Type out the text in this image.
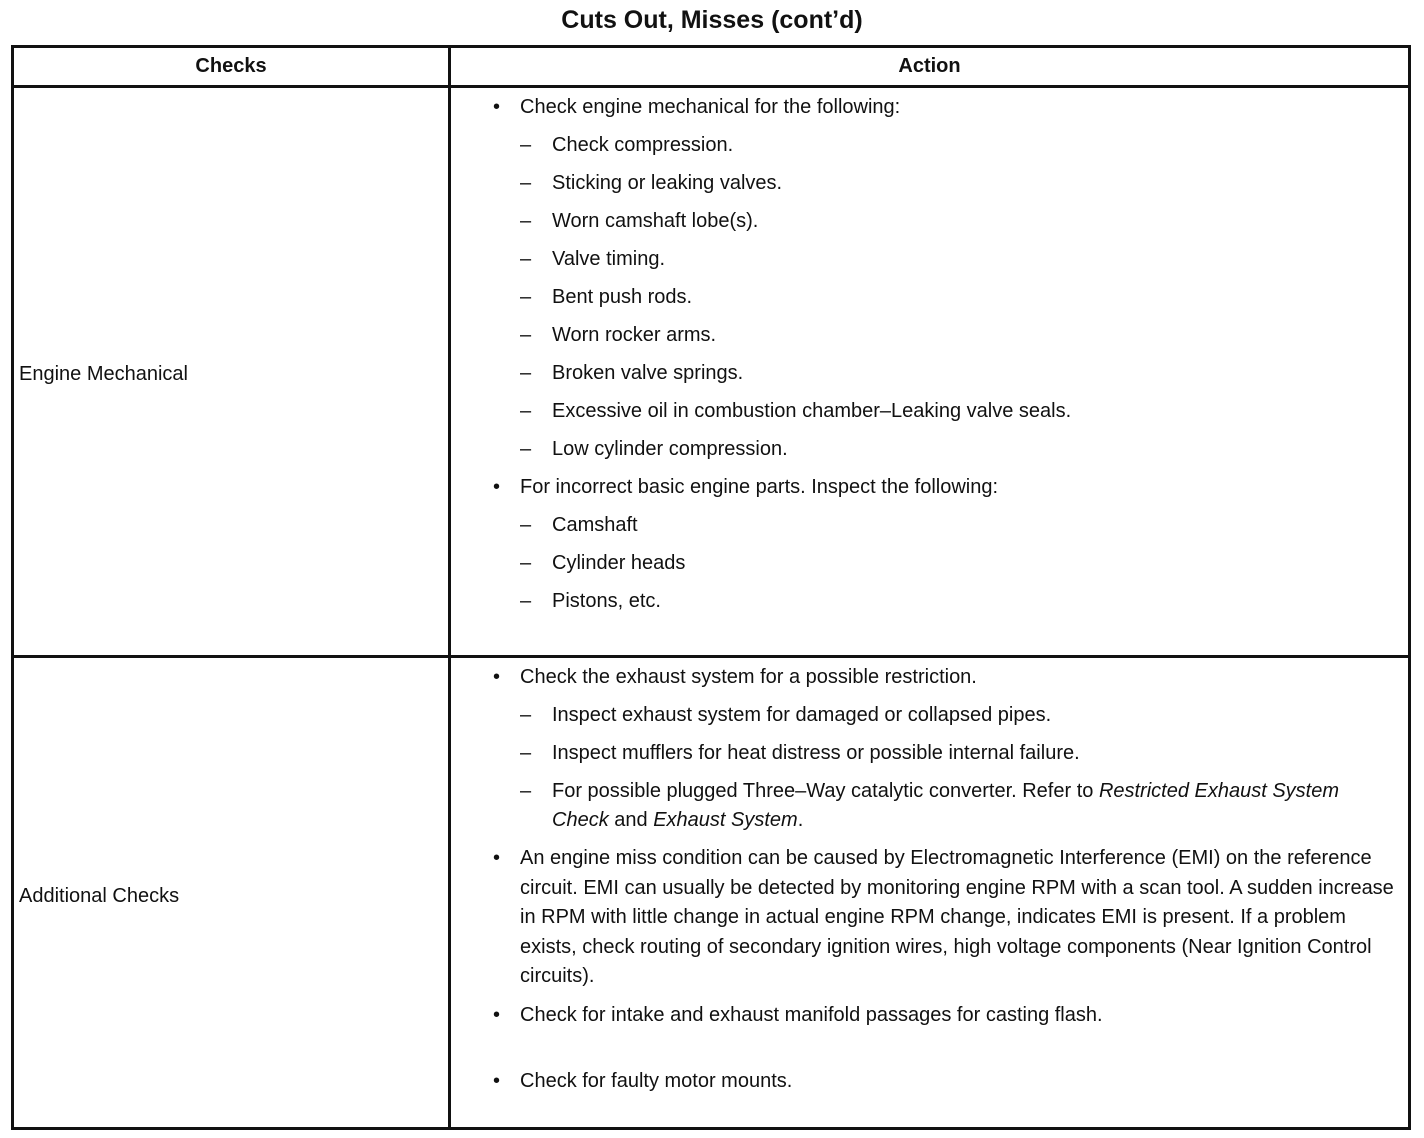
Cuts Out, Misses (cont’d)
Checks	Action
Engine Mechanical
• Check engine mechanical for the following:
– Check compression.
– Sticking or leaking valves.
– Worn camshaft lobe(s).
– Valve timing.
– Bent push rods.
– Worn rocker arms.
– Broken valve springs.
– Excessive oil in combustion chamber–Leaking valve seals.
– Low cylinder compression.
• For incorrect basic engine parts. Inspect the following:
– Camshaft
– Cylinder heads
– Pistons, etc.
Additional Checks
• Check the exhaust system for a possible restriction.
– Inspect exhaust system for damaged or collapsed pipes.
– Inspect mufflers for heat distress or possible internal failure.
– For possible plugged Three–Way catalytic converter. Refer to Restricted Exhaust System Check and Exhaust System.
• An engine miss condition can be caused by Electromagnetic Interference (EMI) on the reference circuit. EMI can usually be detected by monitoring engine RPM with a scan tool. A sudden increase in RPM with little change in actual engine RPM change, indicates EMI is present. If a problem exists, check routing of secondary ignition wires, high voltage components (Near Ignition Control circuits).
• Check for intake and exhaust manifold passages for casting flash.
• Check for faulty motor mounts.
